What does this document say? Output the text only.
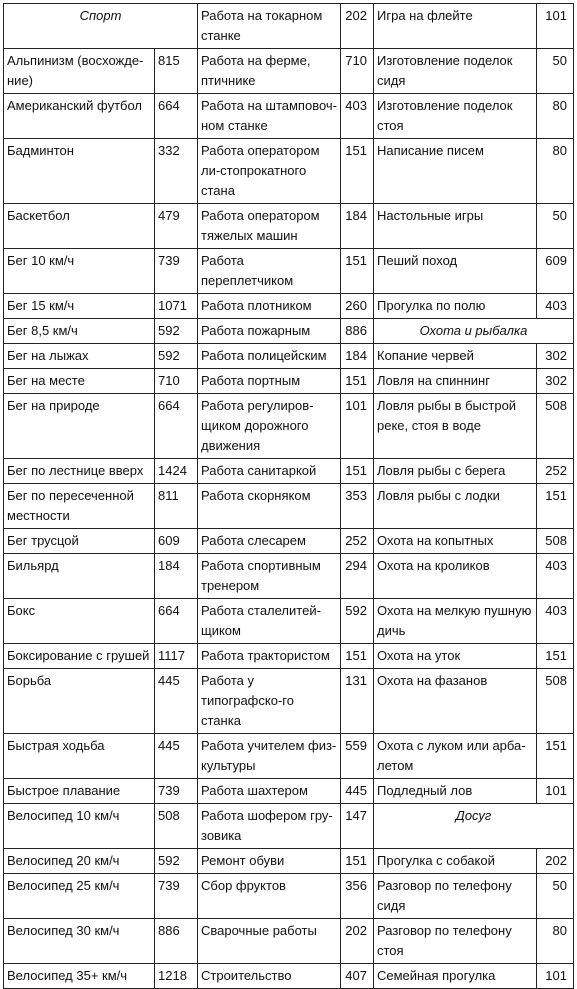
Спорт		Работа на токарном станке	202	Игра на флейте	101
Альпинизм (восхожде-ние)	815	Работа на ферме, птичнике	710	Изготовление поделок сидя	50
Американский футбол	664	Работа на штамповоч-ном станке	403	Изготовление поделок стоя	80
Бадминтон	332	Работа оператором ли-стопрокатного стана	151	Написание писем	80
Баскетбол	479	Работа оператором тяжелых машин	184	Настольные игры	50
Бег 10 км/ч	739	Работа переплетчиком	151	Пеший поход	609
Бег 15 км/ч	1071	Работа плотником	260	Прогулка по полю	403
Бег 8,5 км/ч	592	Работа пожарным	886	Охота и рыбалка	
Бег на лыжах	592	Работа полицейским	184	Копание червей	302
Бег на месте	710	Работа портным	151	Ловля на спиннинг	302
Бег на природе	664	Работа регулиров-щиком дорожного движения	101	Ловля рыбы в быстрой реке, стоя в воде	508
Бег по лестнице вверх	1424	Работа санитаркой	151	Ловля рыбы с берега	252
Бег по пересеченной местности	811	Работа скорняком	353	Ловля рыбы с лодки	151
Бег трусцой	609	Работа слесарем	252	Охота на копытных	508
Бильярд	184	Работа спортивным тренером	294	Охота на кроликов	403
Бокс	664	Работа сталелитей-щиком	592	Охота на мелкую пушную дичь	403
Боксирование с грушей	1117	Работа трактористом	151	Охота на уток	151
Борьба	445	Работа у типографско-го станка	131	Охота на фазанов	508
Быстрая ходьба	445	Работа учителем физ-культуры	559	Охота с луком или арба-летом	151
Быстрое плавание	739	Работа шахтером	445	Подледный лов	101
Велосипед 10 км/ч	508	Работа шофером гру-зовика	147	Досуг	
Велосипед 20 км/ч	592	Ремонт обуви	151	Прогулка с собакой	202
Велосипед 25 км/ч	739	Сбор фруктов	356	Разговор по телефону сидя	50
Велосипед 30 км/ч	886	Сварочные работы	202	Разговор по телефону стоя	80
Велосипед 35+ км/ч	1218	Строительство	407	Семейная прогулка	101
